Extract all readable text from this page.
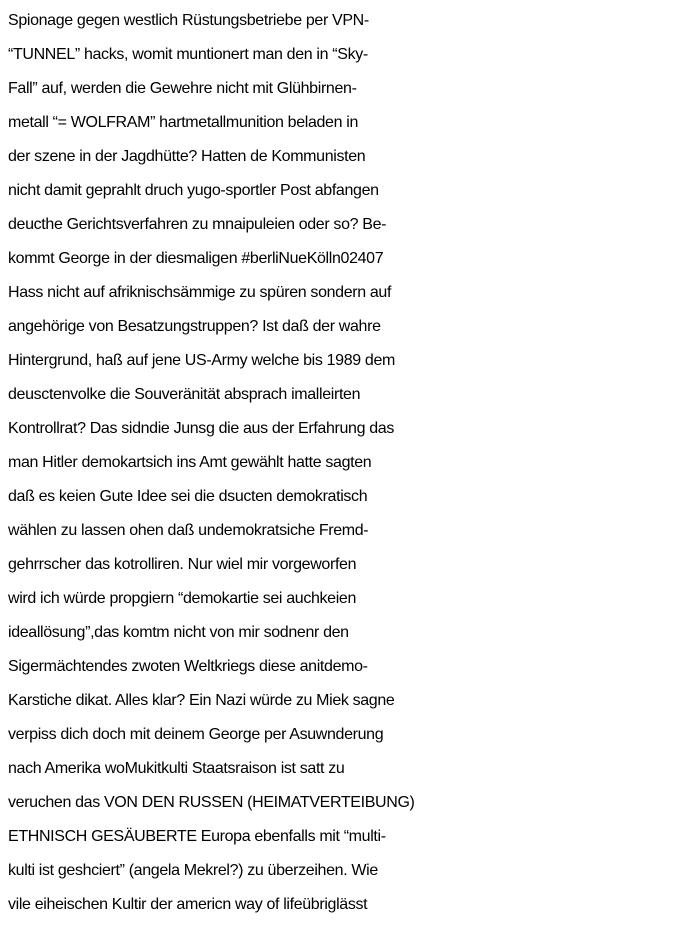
Spionage gegen westlich Rüstungsbetriebe per VPN-
“TUNNEL” hacks, womit muntionert man den in “Sky-
Fall” auf, werden die Gewehre nicht mit Glühbirnen-
metall “= WOLFRAM” hartmetallmunition beladen in
der szene in der Jagdhütte? Hatten de Kommunisten
nicht damit geprahlt druch yugo-sportler Post abfangen
deucthe Gerichtsverfahren zu mnaipuleien oder so? Be-
kommt George in der diesmaligen #berliNueKölln02407
Hass nicht auf afriknischsämmige zu spüren sondern auf
angehörige von Besatzungstruppen? Ist daß der wahre
Hintergrund, haß auf jene US-Army welche bis 1989 dem
deusctenvolke die Souveränität absprach imalleirten
Kontrollrat? Das sidndie Junsg die aus der Erfahrung das
man Hitler demokartsich ins Amt gewählt hatte sagten
daß es keien Gute Idee sei die dsucten demokratisch
wählen zu lassen ohen daß undemokratsiche Fremd-
gehrrscher das kotrolliren. Nur wiel mir vorgeworfen
wird ich würde propgiern “demokartie sei auchkeien
ideallösung”,das komtm nicht von mir sodnenr den
Sigermächtendes zwoten Weltkriegs diese anitdemo-
Karstiche dikat. Alles klar? Ein Nazi würde zu Miek sagne
verpiss dich doch mit deinem George per Asuwnderung
nach Amerika woMukitkulti Staatsraison ist satt zu
veruchen das VON DEN RUSSEN (HEIMATVERTEIBUNG)
ETHNISCH GESÄUBERTE Europa ebenfalls mit “multi-
kulti ist geshciert” (angela Mekrel?) zu überzeihen. Wie
vile eiheischen Kultir der americn way of lifeübriglässt
